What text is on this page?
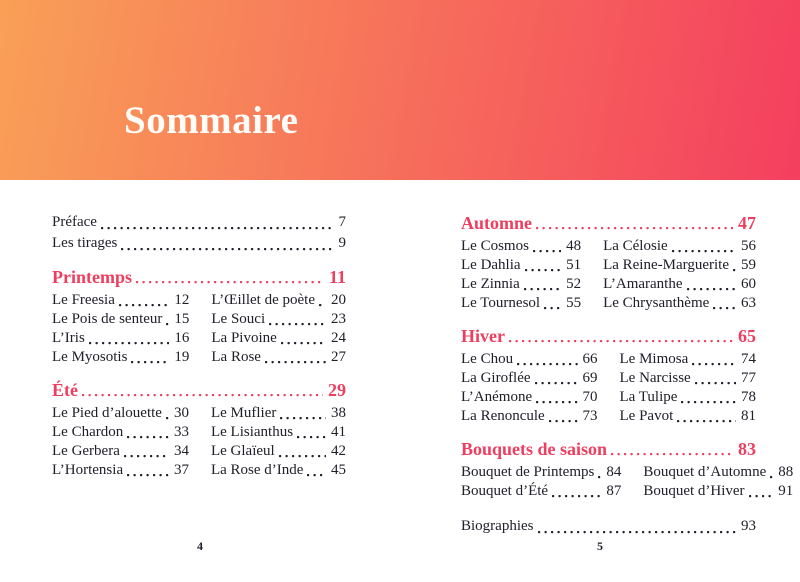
Sommaire
Préface	7
Les tirages	9
Printemps	11
Le Freesia	12
Le Pois de senteur 15
L’Iris	16
Le Myosotis	19
L’Œillet de poète 20
Le Souci	23
La Pivoine	24
La Rose	27
Été	29
Le Pied d’alouette 30
Le Chardon	33
Le Gerbera	34
L’Hortensia	37
Le Muflier	38
Le Lisianthus	41
Le Glaïeul	42
La Rose d’Inde 45
Automne	47
Le Cosmos 48
Le Dahlia	51
Le Zinnia	52
Le Tournesol 55
La Célosie	56
La Reine-Marguerite 59
L’Amaranthe	60
Le Chrysanthème 63
Hiver	65
Le Chou	66
La Giroflée	69
L’Anémone	70
La Renoncule	73
Le Mimosa	74
Le Narcisse	77
La Tulipe	78
Le Pavot	81
Bouquets de saison	83
Bouquet de Printemps 84
Bouquet d’Été	87
Bouquet d’Automne 88
Bouquet d’Hiver 91
Biographies	93
4	5
